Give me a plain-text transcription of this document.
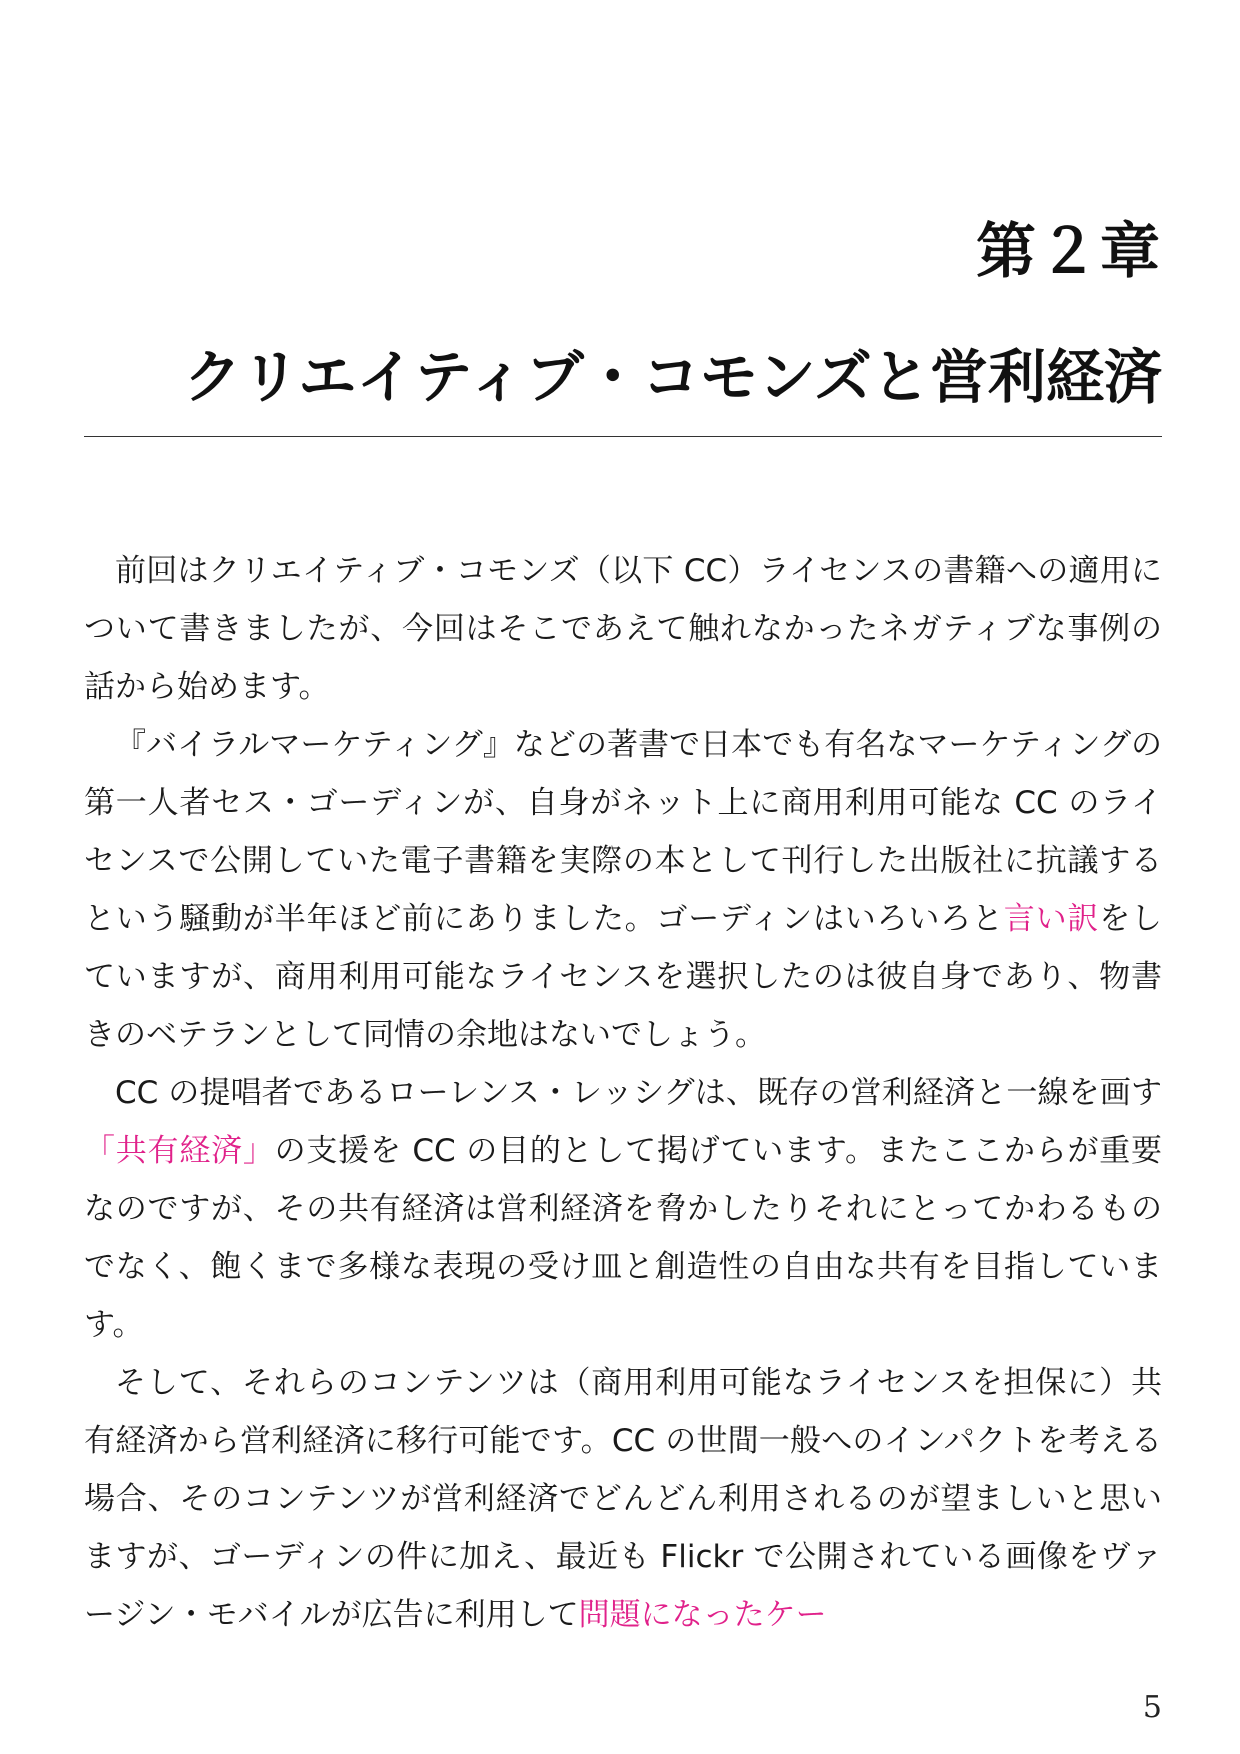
第２章
クリエイティブ・コモンズと営利経済

前回はクリエイティブ・コモンズ（以下 CC）ライセンスの書籍への適用について書きましたが、今回はそこであえて触れなかったネガティブな事例の話から始めます。

『バイラルマーケティング』などの著書で日本でも有名なマーケティングの第一人者セス・ゴーディンが、自身がネット上に商用利用可能な CC のライセンスで公開していた電子書籍を実際の本として刊行した出版社に抗議するという騒動が半年ほど前にありました。ゴーディンはいろいろと言い訳をしていますが、商用利用可能なライセンスを選択したのは彼自身であり、物書きのベテランとして同情の余地はないでしょう。

CC の提唱者であるローレンス・レッシグは、既存の営利経済と一線を画す「共有経済」の支援を CC の目的として掲げています。またここからが重要なのですが、その共有経済は営利経済を脅かしたりそれにとってかわるものでなく、飽くまで多様な表現の受け皿と創造性の自由な共有を目指しています。

そして、それらのコンテンツは（商用利用可能なライセンスを担保に）共有経済から営利経済に移行可能です。CC の世間一般へのインパクトを考える場合、そのコンテンツが営利経済でどんどん利用されるのが望ましいと思いますが、ゴーディンの件に加え、最近も Flickr で公開されている画像をヴァージン・モバイルが広告に利用して問題になったケー

5
